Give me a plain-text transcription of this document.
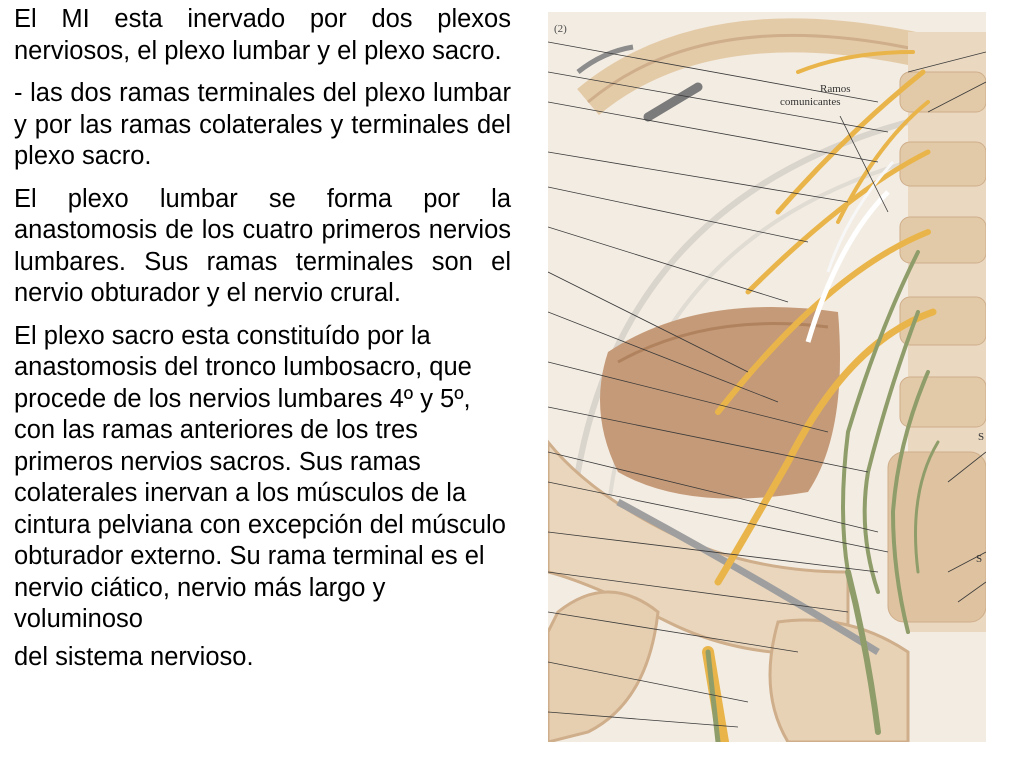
El MI esta inervado por dos plexos nerviosos, el plexo lumbar y el plexo sacro.

- las dos ramas terminales del plexo lumbar y por las ramas colaterales y terminales del plexo sacro.

El plexo lumbar se forma por la anastomosis de los cuatro primeros nervios lumbares. Sus ramas terminales son el nervio obturador y el nervio crural.

El plexo sacro esta constituído por la anastomosis del tronco lumbosacro, que procede de los nervios lumbares 4º y 5º, con las ramas anteriores de los tres primeros nervios sacros. Sus ramas colaterales inervan a los músculos de la cintura pelviana con excepción del músculo obturador externo. Su rama terminal es el nervio ciático, nervio más largo y voluminoso

del sistema nervioso.

(2)
Ramos
comunicantes
S
S
